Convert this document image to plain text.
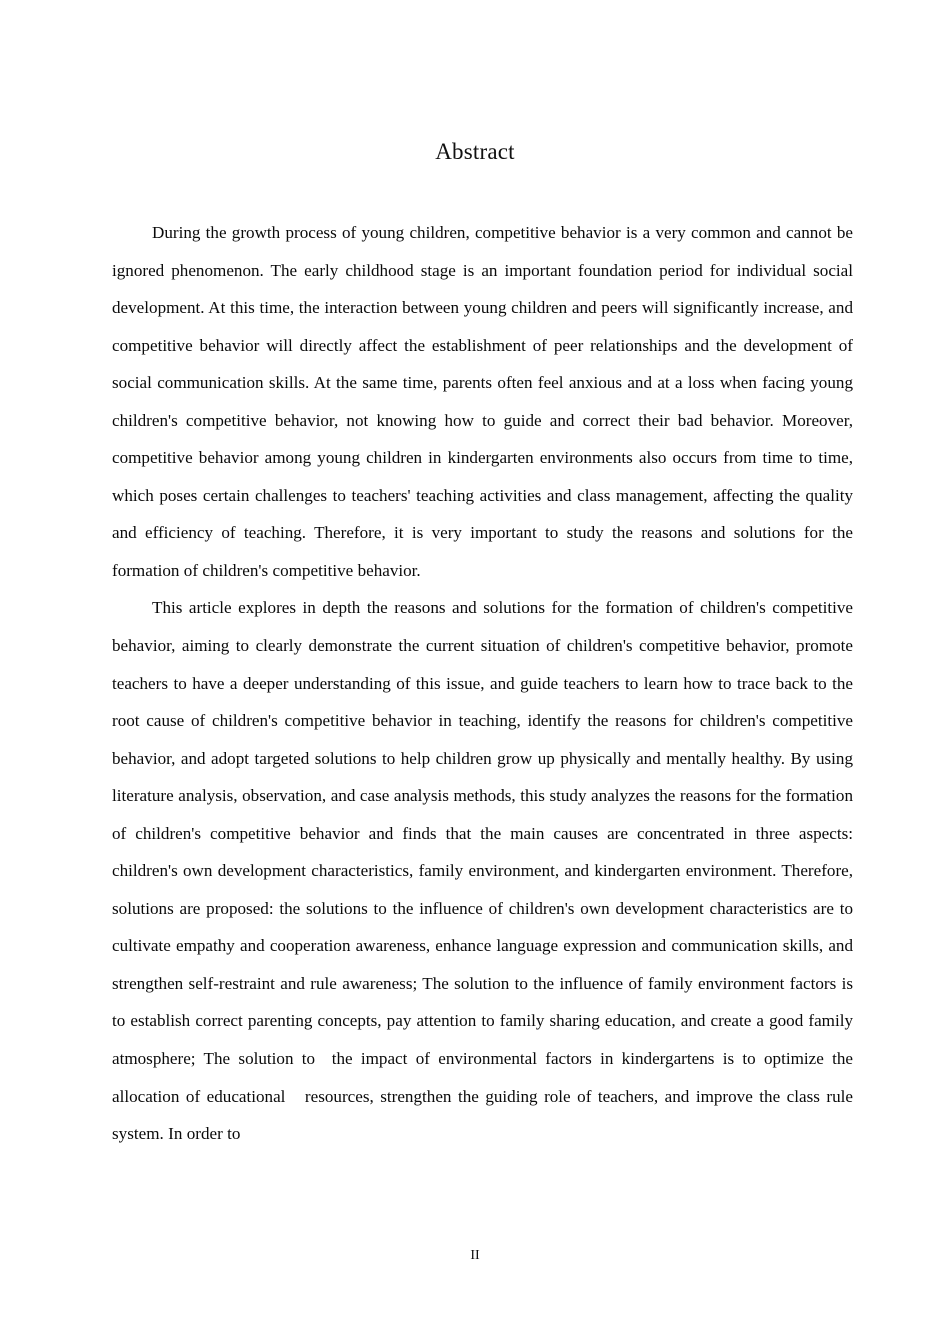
Abstract

During the growth process of young children, competitive behavior is a very common and cannot be ignored phenomenon. The early childhood stage is an important foundation period for individual social development. At this time, the interaction between young children and peers will significantly increase, and competitive behavior will directly affect the establishment of peer relationships and the development of social communication skills. At the same time, parents often feel anxious and at a loss when facing young children's competitive behavior, not knowing how to guide and correct their bad behavior. Moreover, competitive behavior among young children in kindergarten environments also occurs from time to time, which poses certain challenges to teachers' teaching activities and class management, affecting the quality and efficiency of teaching. Therefore, it is very important to study the reasons and solutions for the formation of children's competitive behavior.

This article explores in depth the reasons and solutions for the formation of children's competitive behavior, aiming to clearly demonstrate the current situation of children's competitive behavior, promote teachers to have a deeper understanding of this issue, and guide teachers to learn how to trace back to the root cause of children's competitive behavior in teaching, identify the reasons for children's competitive behavior, and adopt targeted solutions to help children grow up physically and mentally healthy. By using literature analysis, observation, and case analysis methods, this study analyzes the reasons for the formation of children's competitive behavior and finds that the main causes are concentrated in three aspects: children's own development characteristics, family environment, and kindergarten environment. Therefore, solutions are proposed: the solutions to the influence of children's own development characteristics are to cultivate empathy and cooperation awareness, enhance language expression and communication skills, and strengthen self-restraint and rule awareness; The solution to the influence of family environment factors is to establish correct parenting concepts, pay attention to family sharing education, and create a good family atmosphere; The solution to  the impact of environmental factors in kindergartens is to optimize the allocation of educational   resources, strengthen the guiding role of teachers, and improve the class rule system. In order to

II
